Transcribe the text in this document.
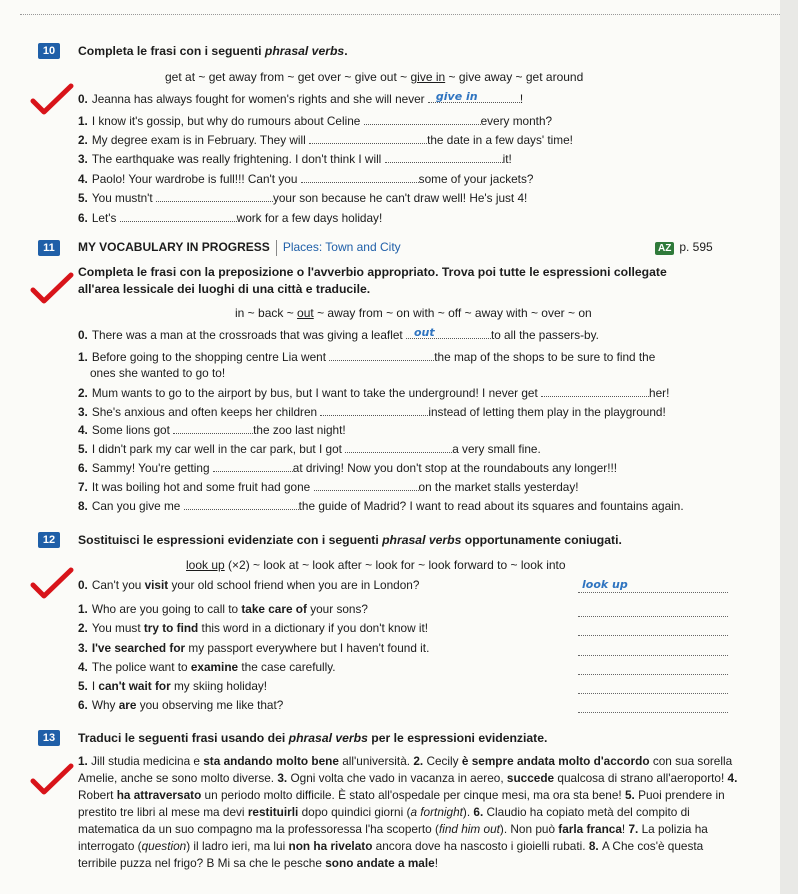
10	Completa le frasi con i seguenti phrasal verbs.
get at ~ get away from ~ get over ~ give out ~ give in ~ give away ~ get around
0. Jeanna has always fought for women's rights and she will never give in	!
1. I know it's gossip, but why do rumours about Celine	every month?
2. My degree exam is in February. They will	the date in a few days' time!
3. The earthquake was really frightening. I don't think I will	it!
4. Paolo! Your wardrobe is full!!! Can't you	some of your jackets?
5. You mustn't	your son because he can't draw well! He's just 4!
6. Let's	work for a few days holiday!
11	MY VOCABULARY IN PROGRESS Places: Town and City	AZ p. 595
Completa le frasi con la preposizione o l'avverbio appropriato. Trova poi tutte le espressioni collegate
all'area lessicale dei luoghi di una città e traducile.
in ~ back ~ out ~ away from ~ on with ~ off ~ away with ~ over ~ on
0. There was a man at the crossroads that was giving a leaflet out	to all the passers-by.
1. Before going to the shopping centre Lia went	the map of the shops to be sure to find the
ones she wanted to go to!
2. Mum wants to go to the airport by bus, but I want to take the underground! I never get	her!
3. She's anxious and often keeps her children	instead of letting them play in the playground!
4. Some lions got	the zoo last night!
5. I didn't park my car well in the car park, but I got	a very small fine.
6. Sammy! You're getting	at driving! Now you don't stop at the roundabouts any longer!!!
7. It was boiling hot and some fruit had gone	on the market stalls yesterday!
8. Can you give me	the guide of Madrid? I want to read about its squares and fountains again.
12	Sostituisci le espressioni evidenziate con i seguenti phrasal verbs opportunamente coniugati.
look up (×2) ~ look at ~ look after ~ look for ~ look forward to ~ look into
0. Can't you visit your old school friend when you are in London?
1. Who are you going to call to take care of your sons?
2. You must try to find this word in a dictionary if you don't know it!
3. I've searched for my passport everywhere but I haven't found it.
4. The police want to examine the case carefully.
5. I can't wait for my skiing holiday!
6. Why are you observing me like that?
look up
13	Traduci le seguenti frasi usando dei phrasal verbs per le espressioni evidenziate.
1. Jill studia medicina e sta andando molto bene all'università. 2. Cecily è sempre andata molto d'accordo con sua sorella Amelie, anche se sono molto diverse. 3. Ogni volta che vado in vacanza in aereo, succede qualcosa di strano all'aeroporto! 4. Robert ha attraversato un periodo molto difficile. È stato all'ospedale per cinque mesi, ma ora sta bene! 5. Puoi prendere in prestito tre libri al mese ma devi restituirli dopo quindici giorni (a fortnight). 6. Claudio ha copiato metà del compito di matematica da un suo compagno ma la professoressa l'ha scoperto (find him out). Non può farla franca! 7. La polizia ha interrogato (question) il ladro ieri, ma lui non ha rivelato ancora dove ha nascosto i gioielli rubati. 8. A Che cos'è questa terribile puzza nel frigo? B Mi sa che le pesche sono andate a male!
